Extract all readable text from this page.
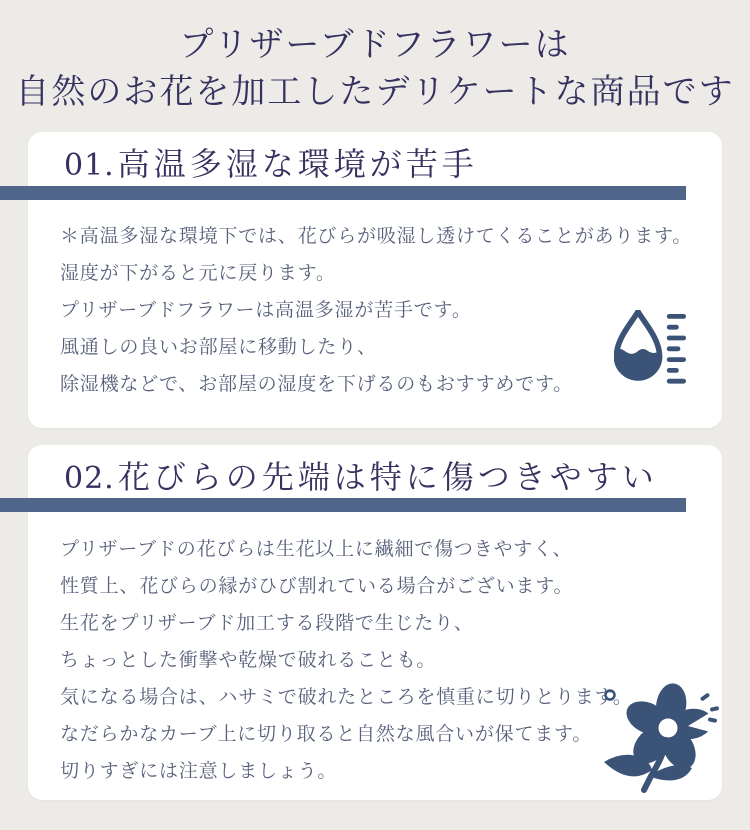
プリザーブドフラワーは
自然のお花を加工したデリケートな商品です
01.高温多湿な環境が苦手

＊高温多湿な環境下では、花びらが吸湿し透けてくることがあります。

湿度が下がると元に戻ります。

プリザーブドフラワーは高温多湿が苦手です。

風通しの良いお部屋に移動したり、

除湿機などで、お部屋の湿度を下げるのもおすすめです。

02.花びらの先端は特に傷つきやすい

プリザーブドの花びらは生花以上に繊細で傷つきやすく、

性質上、花びらの縁がひび割れている場合がございます。

生花をプリザーブド加工する段階で生じたり、

ちょっとした衝撃や乾燥で破れることも。

気になる場合は、ハサミで破れたところを慎重に切りとります。

なだらかなカーブ上に切り取ると自然な風合いが保てます。

切りすぎには注意しましょう。
